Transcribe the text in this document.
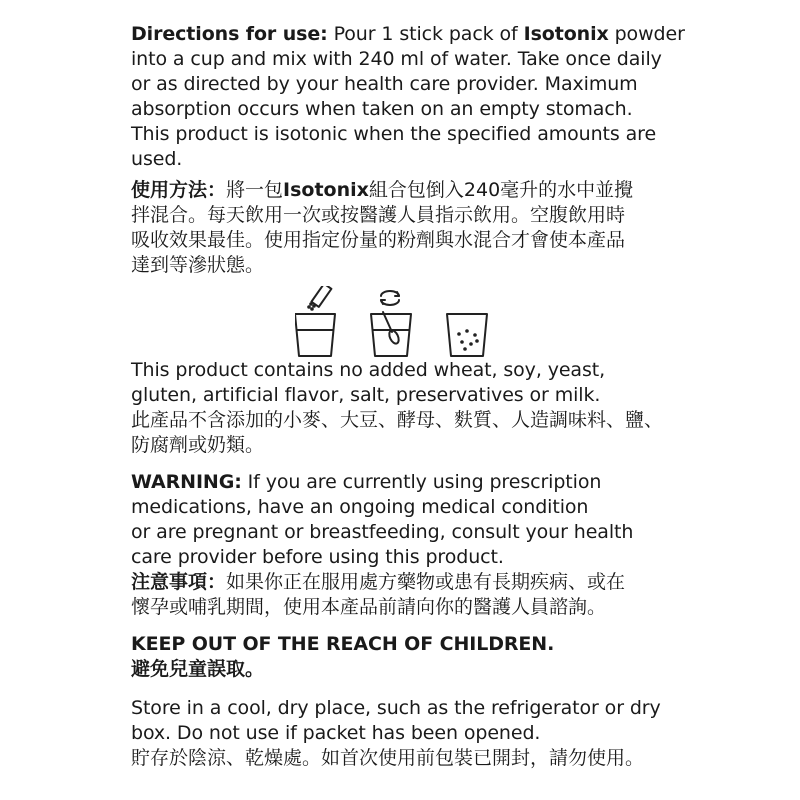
Directions for use: Pour 1 stick pack of Isotonix powder
into a cup and mix with 240 ml of water. Take once daily
or as directed by your health care provider. Maximum
absorption occurs when taken on an empty stomach.
This product is isotonic when the specified amounts are
used.
使用方法：將一包Isotonix組合包倒入240毫升的水中並攪
拌混合。每天飲用一次或按醫護人員指示飲用。空腹飲用時
吸收效果最佳。使用指定份量的粉劑與水混合才會使本產品
達到等滲狀態。
This product contains no added wheat, soy, yeast,
gluten, artificial flavor, salt, preservatives or milk.
此產品不含添加的小麥、大豆、酵母、麩質、人造調味料、鹽、
防腐劑或奶類。
WARNING: If you are currently using prescription
medications, have an ongoing medical condition
or are pregnant or breastfeeding, consult your health
care provider before using this product.
注意事項：如果你正在服用處方藥物或患有長期疾病、或在
懷孕或哺乳期間，使用本產品前請向你的醫護人員諮詢。
KEEP OUT OF THE REACH OF CHILDREN.
避免兒童誤取。
Store in a cool, dry place, such as the refrigerator or dry
box. Do not use if packet has been opened.
貯存於陰涼、乾燥處。如首次使用前包裝已開封，請勿使用。
